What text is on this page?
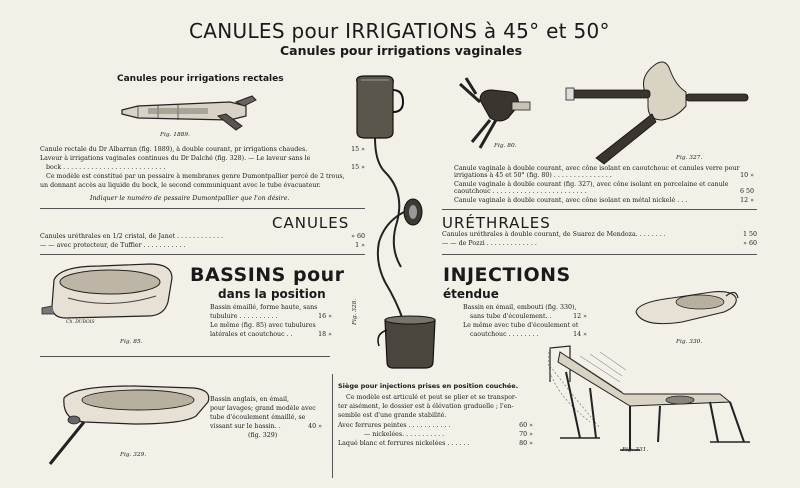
CANULES pour IRRIGATIONS à 45° et 50°
Canules pour irrigations vaginales
Canules pour irrigations rectales
Fig. 1889.
Canule rectale du Dr Albarran (fig. 1889), à double courant, pr irrigations chaudes.	15 »
Laveur à irrigations vaginales continues du Dr Dalché (fig. 328). — Le laveur sans le
bock . . . . . . . . . . . . . . . . . . . . . . . . . .	15 »
Ce modèle est constitué par un pessaire à membranes genre Dumontpallier percé de 2 trous,
un donnant accès au liquide du bock, le second communiquant avec le tube évacuateur.
Indiquer le numéro de pessaire Dumontpallier que l'on désire.
CANULES
Canules uréthrales en 1/2 cristal, de Janet . . . . . . . . . . . .	» 60
— — avec protecteur, de Tuffier . . . . . . . . . . .	1 »
Fig. 328.
Fig. 80.
Fig. 327.
Canule vaginale à double courant, avec cône isolant en caoutchouc et canules verre pour
irrigations à 45 et 50° (fig. 80) . . . . . . . . . . . . . . .	10 »
Canule vaginale à double courant (fig. 327), avec cône isolant en porcelaine et canule
caoutchouc . . . . . . . . . . . . . . . . . . . . . . . .	6 50
Canule vaginale à double courant, avec cône isolant en métal nickelé . . .	12 »
URÉTHRALES
Canules uréthrales à double courant, de Suarez de Mendoza. . . . . . . .	1 50
— — de Pozzi . . . . . . . . . . . . .	» 60
BASSINS pour
dans la position
Ch. DUBOIS
Fig. 85.
Bassin émaillé, forme haute, sans
tubulure . . . . . . . . . .	16 »
Le même (fig. 85) avec tubulures
latérales et caoutchouc . .	18 »
Fig. 329.
Bassin anglais, en émail,
pour lavages; grand modèle avec
tube d'écoulement émaillé, se
vissant sur le bassin. .	40 »
(fig. 329)
INJECTIONS
étendue
Bassin en émail, embouti (fig. 330),
sans tube d'écoulement. .	12 »
Le même avec tube d'écoulement et
caoutchouc . . . . . . . .	14 »
Fig. 330.
Siège pour injections prises en position couchée.
Ce modèle est articulé et peut se plier et se transpor-
ter aisément, le dossier est à élévation graduelle ; l'en-
semble est d'une grande stabilité.
Avec ferrures peintes . . . . . . . . . . .	60 »
— nickelées. . . . . . . . . . .	70 »
Laqué blanc et ferrures nickelées . . . . . .	80 »
Fig. 331.
